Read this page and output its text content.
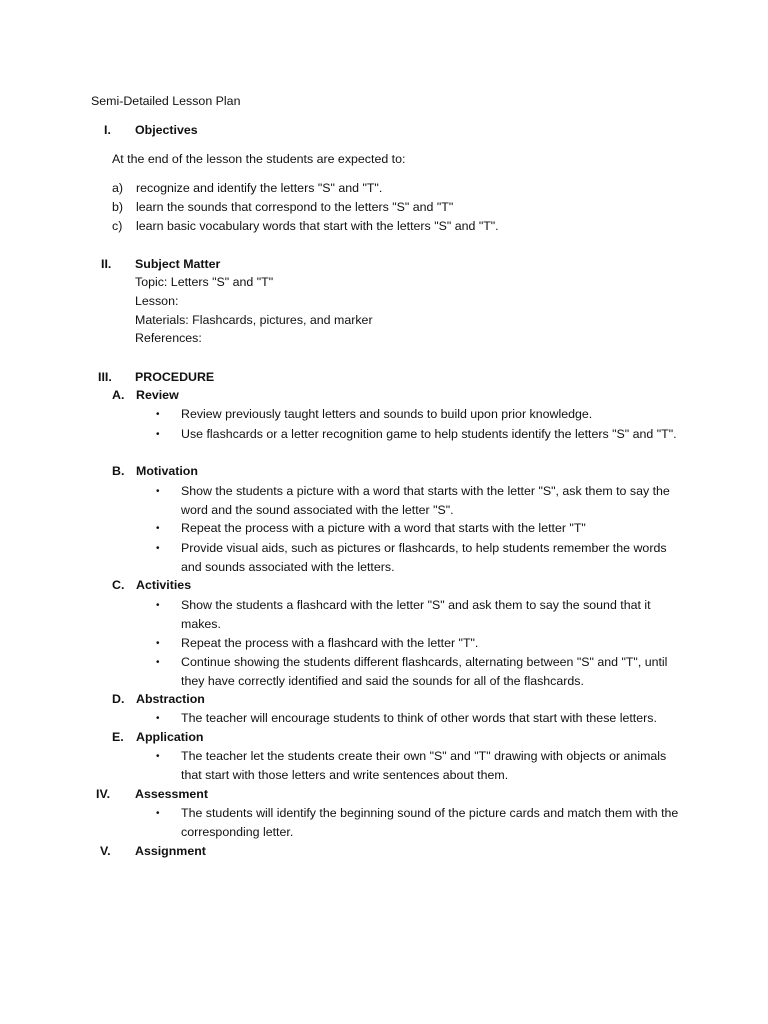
Semi-Detailed Lesson Plan
I.	Objectives
At the end of the lesson the students are expected to:
a)	recognize and identify the letters "S" and "T".
b)	learn the sounds that correspond to the letters "S" and "T"
c)	learn basic vocabulary words that start with the letters "S" and "T".
II.	Subject Matter
Topic: Letters "S" and "T"
Lesson:
Materials: Flashcards, pictures, and marker
References:
III.	PROCEDURE
A. Review
• Review previously taught letters and sounds to build upon prior knowledge.
• Use flashcards or a letter recognition game to help students identify the letters "S" and "T".
B. Motivation
• Show the students a picture with a word that starts with the letter "S", ask them to say the word and the sound associated with the letter "S".
• Repeat the process with a picture with a word that starts with the letter "T"
• Provide visual aids, such as pictures or flashcards, to help students remember the words and sounds associated with the letters.
C. Activities
• Show the students a flashcard with the letter "S" and ask them to say the sound that it makes.
• Repeat the process with a flashcard with the letter "T".
• Continue showing the students different flashcards, alternating between "S" and "T", until they have correctly identified and said the sounds for all of the flashcards.
D. Abstraction
• The teacher will encourage students to think of other words that start with these letters.
E. Application
• The teacher let the students create their own "S" and "T" drawing with objects or animals that start with those letters and write sentences about them.
IV.	Assessment
• The students will identify the beginning sound of the picture cards and match them with the corresponding letter.
V.	Assignment
